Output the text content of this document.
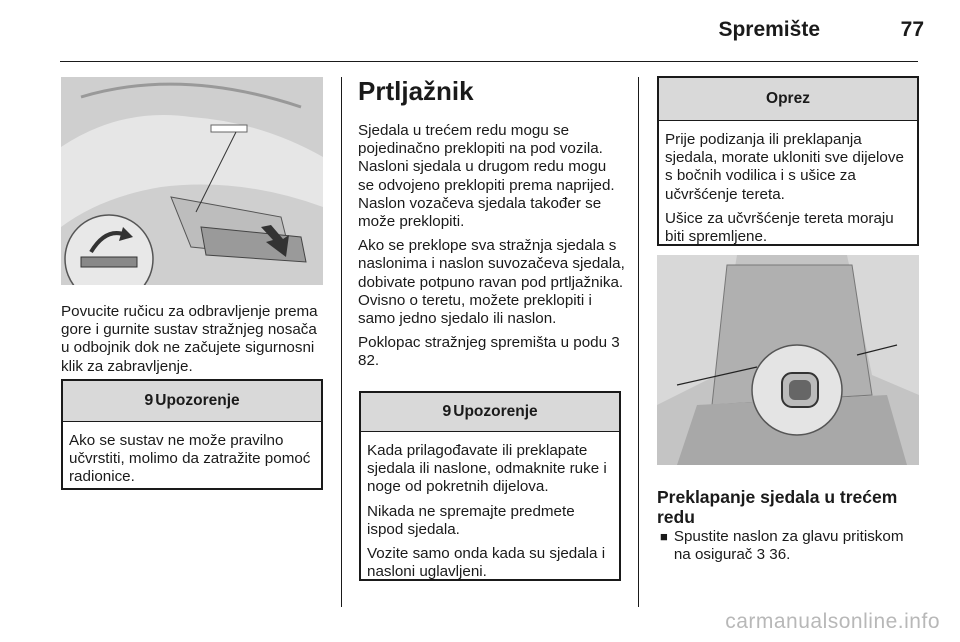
Spremište	77

Povucite ručicu za odbravljenje prema gore i gurnite sustav stražnjeg nosača u odbojnik dok ne začujete sigurnosni klik za zabravljenje.

9 Upozorenje

Ako se sustav ne može pravilno učvrstiti, molimo da zatražite pomoć radionice.

Prtljažnik

Sjedala u trećem redu mogu se pojedinačno preklopiti na pod vozila. Nasloni sjedala u drugom redu mogu se odvojeno preklopiti prema naprijed. Naslon vozačeva sjedala također se može preklopiti.

Ako se preklope sva stražnja sjedala s naslonima i naslon suvozačeva sjedala, dobivate potpuno ravan pod prtljažnika. Ovisno o teretu, možete preklopiti i samo jedno sjedalo ili naslon.

Poklopac stražnjeg spremišta u podu 3 82.

9 Upozorenje

Kada prilagođavate ili preklapate sjedala ili naslone, odmaknite ruke i noge od pokretnih dijelova.

Nikada ne spremajte predmete ispod sjedala.

Vozite samo onda kada su sjedala i nasloni uglavljeni.

Oprez

Prije podizanja ili preklapanja sjedala, morate ukloniti sve dijelove s bočnih vodilica i s ušice za učvršćenje tereta.

Ušice za učvršćenje tereta moraju biti spremljene.

Preklapanje sjedala u trećem redu
■ Spustite naslon za glavu pritiskom na osigurač 3 36.
carmanualsonline.info
